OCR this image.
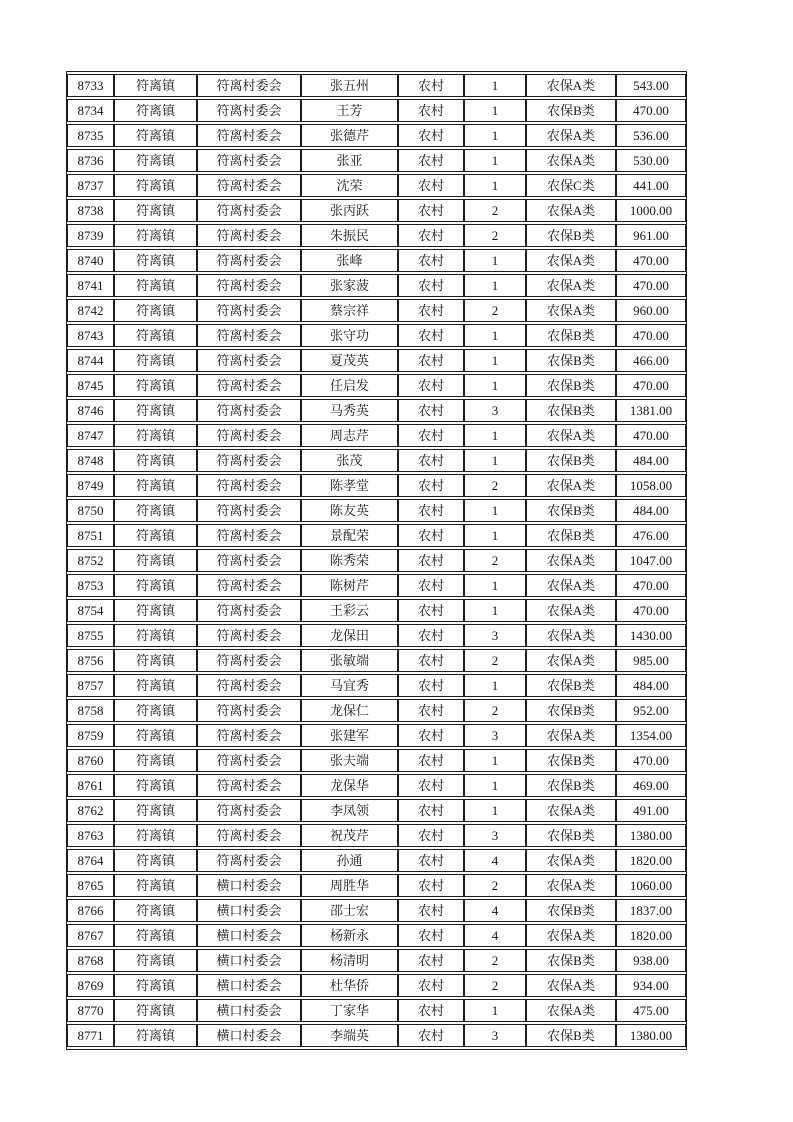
8733	符离镇	符离村委会	张五州	农村	1	农保A类	543.00
8734	符离镇	符离村委会	王芳	农村	1	农保B类	470.00
8735	符离镇	符离村委会	张德芹	农村	1	农保A类	536.00
8736	符离镇	符离村委会	张亚	农村	1	农保A类	530.00
8737	符离镇	符离村委会	沈荣	农村	1	农保C类	441.00
8738	符离镇	符离村委会	张丙跃	农村	2	农保A类	1000.00
8739	符离镇	符离村委会	朱振民	农村	2	农保B类	961.00
8740	符离镇	符离村委会	张峰	农村	1	农保A类	470.00
8741	符离镇	符离村委会	张家菠	农村	1	农保A类	470.00
8742	符离镇	符离村委会	蔡宗祥	农村	2	农保A类	960.00
8743	符离镇	符离村委会	张守功	农村	1	农保B类	470.00
8744	符离镇	符离村委会	夏茂英	农村	1	农保B类	466.00
8745	符离镇	符离村委会	任启发	农村	1	农保B类	470.00
8746	符离镇	符离村委会	马秀英	农村	3	农保B类	1381.00
8747	符离镇	符离村委会	周志芹	农村	1	农保A类	470.00
8748	符离镇	符离村委会	张茂	农村	1	农保B类	484.00
8749	符离镇	符离村委会	陈孝堂	农村	2	农保A类	1058.00
8750	符离镇	符离村委会	陈友英	农村	1	农保B类	484.00
8751	符离镇	符离村委会	景配荣	农村	1	农保B类	476.00
8752	符离镇	符离村委会	陈秀荣	农村	2	农保A类	1047.00
8753	符离镇	符离村委会	陈树芹	农村	1	农保A类	470.00
8754	符离镇	符离村委会	王彩云	农村	1	农保A类	470.00
8755	符离镇	符离村委会	龙保田	农村	3	农保A类	1430.00
8756	符离镇	符离村委会	张敏端	农村	2	农保A类	985.00
8757	符离镇	符离村委会	马宜秀	农村	1	农保B类	484.00
8758	符离镇	符离村委会	龙保仁	农村	2	农保B类	952.00
8759	符离镇	符离村委会	张建军	农村	3	农保A类	1354.00
8760	符离镇	符离村委会	张夫端	农村	1	农保B类	470.00
8761	符离镇	符离村委会	龙保华	农村	1	农保B类	469.00
8762	符离镇	符离村委会	李凤领	农村	1	农保A类	491.00
8763	符离镇	符离村委会	祝茂芹	农村	3	农保B类	1380.00
8764	符离镇	符离村委会	孙通	农村	4	农保A类	1820.00
8765	符离镇	横口村委会	周胜华	农村	2	农保A类	1060.00
8766	符离镇	横口村委会	邵士宏	农村	4	农保B类	1837.00
8767	符离镇	横口村委会	杨新永	农村	4	农保A类	1820.00
8768	符离镇	横口村委会	杨清明	农村	2	农保B类	938.00
8769	符离镇	横口村委会	杜华侨	农村	2	农保A类	934.00
8770	符离镇	横口村委会	丁家华	农村	1	农保A类	475.00
8771	符离镇	横口村委会	李端英	农村	3	农保B类	1380.00
